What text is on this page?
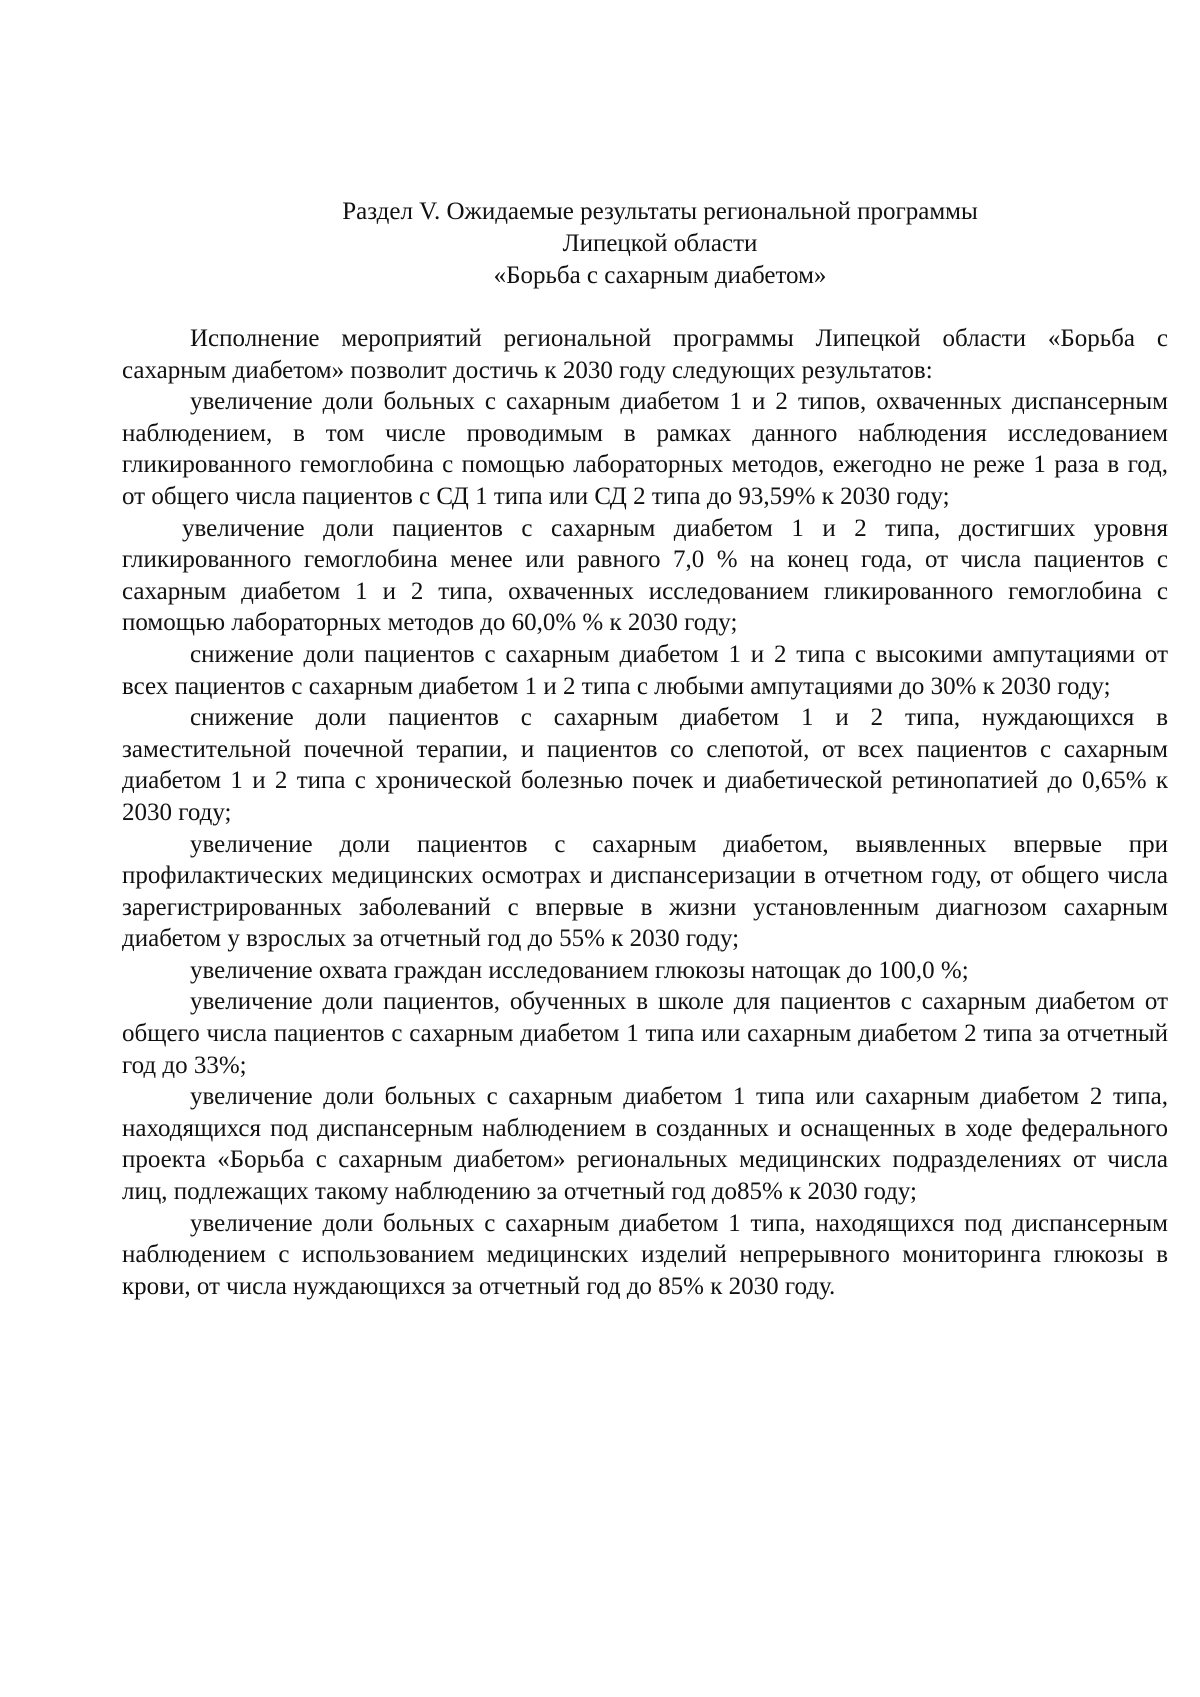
Раздел V. Ожидаемые результаты региональной программы
Липецкой области
«Борьба с сахарным диабетом»

Исполнение мероприятий региональной программы Липецкой области «Борьба с сахарным диабетом» позволит достичь к 2030 году следующих результатов:

увеличение доли больных с сахарным диабетом 1 и 2 типов, охваченных диспансерным наблюдением, в том числе проводимым в рамках данного наблюдения исследованием гликированного гемоглобина с помощью лабораторных методов, ежегодно не реже 1 раза в год, от общего числа пациентов с СД 1 типа или СД 2 типа до 93,59% к 2030 году;

увеличение доли пациентов с сахарным диабетом 1 и 2 типа, достигших уровня гликированного гемоглобина менее или равного 7,0 % на конец года, от числа пациентов с сахарным диабетом 1 и 2 типа, охваченных исследованием гликированного гемоглобина с помощью лабораторных методов до 60,0% % к 2030 году;

снижение доли пациентов с сахарным диабетом 1 и 2 типа с высокими ампутациями от всех пациентов с сахарным диабетом 1 и 2 типа с любыми ампутациями до 30% к 2030 году;

снижение доли пациентов с сахарным диабетом 1 и 2 типа, нуждающихся в заместительной почечной терапии, и пациентов со слепотой, от всех пациентов с сахарным диабетом 1 и 2 типа с хронической болезнью почек и диабетической ретинопатией до 0,65% к 2030 году;

увеличение доли пациентов с сахарным диабетом, выявленных впервые при профилактических медицинских осмотрах и диспансеризации в отчетном году, от общего числа зарегистрированных заболеваний с впервые в жизни установленным диагнозом сахарным диабетом у взрослых за отчетный год до 55% к 2030 году;

увеличение охвата граждан исследованием глюкозы натощак до 100,0 %;

увеличение доли пациентов, обученных в школе для пациентов с сахарным диабетом от общего числа пациентов с сахарным диабетом 1 типа или сахарным диабетом 2 типа за отчетный год до 33%;

увеличение доли больных с сахарным диабетом 1 типа или сахарным диабетом 2 типа, находящихся под диспансерным наблюдением в созданных и оснащенных в ходе федерального проекта «Борьба с сахарным диабетом» региональных медицинских подразделениях от числа лиц, подлежащих такому наблюдению за отчетный год до85% к 2030 году;

увеличение доли больных с сахарным диабетом 1 типа, находящихся под диспансерным наблюдением с использованием медицинских изделий непрерывного мониторинга глюкозы в крови, от числа нуждающихся за отчетный год до 85% к 2030 году.
